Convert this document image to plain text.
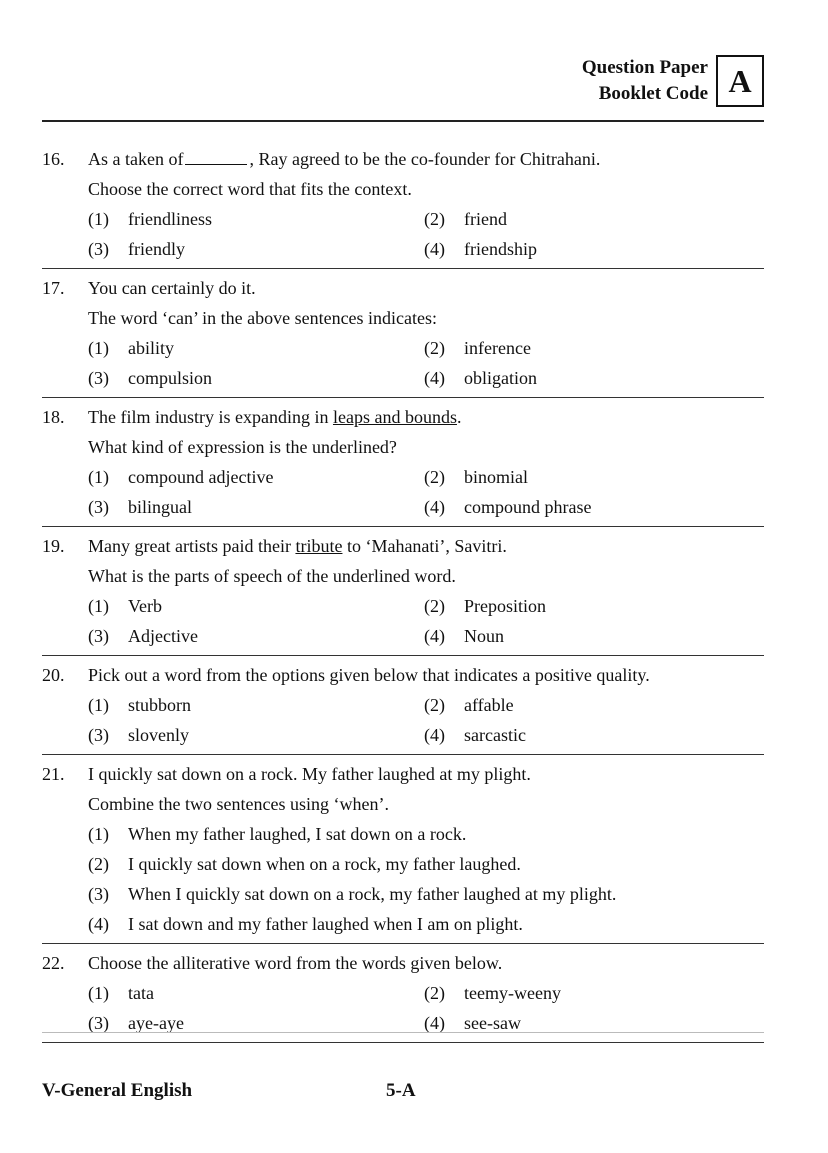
Question Paper
Booklet Code A
16.	As a taken of	, Ray agreed to be the co-founder for Chitrahani.
Choose the correct word that fits the context.
(1)	friendliness	(2)	friend
(3)	friendly	(4)	friendship
17.	You can certainly do it.
The word ‘can’ in the above sentences indicates:
(1)	ability	(2)	inference
(3)	compulsion	(4)	obligation
18.	The film industry is expanding in leaps and bounds.
What kind of expression is the underlined?
(1)	compound adjective	(2)	binomial
(3)	bilingual	(4)	compound phrase
19.	Many great artists paid their tribute to ‘Mahanati’, Savitri.
What is the parts of speech of the underlined word.
(1)	Verb	(2)	Preposition
(3)	Adjective	(4)	Noun
20.	Pick out a word from the options given below that indicates a positive quality.
(1)	stubborn	(2)	affable
(3)	slovenly	(4)	sarcastic
21.	I quickly sat down on a rock. My father laughed at my plight.
Combine the two sentences using ‘when’.
(1)	When my father laughed, I sat down on a rock.
(2)	I quickly sat down when on a rock, my father laughed.
(3)	When I quickly sat down on a rock, my father laughed at my plight.
(4)	I sat down and my father laughed when I am on plight.
22.	Choose the alliterative word from the words given below.
(1)	tata	(2)	teemy-weeny
(3)	aye-aye	(4)	see-saw
V-General English	5-A
